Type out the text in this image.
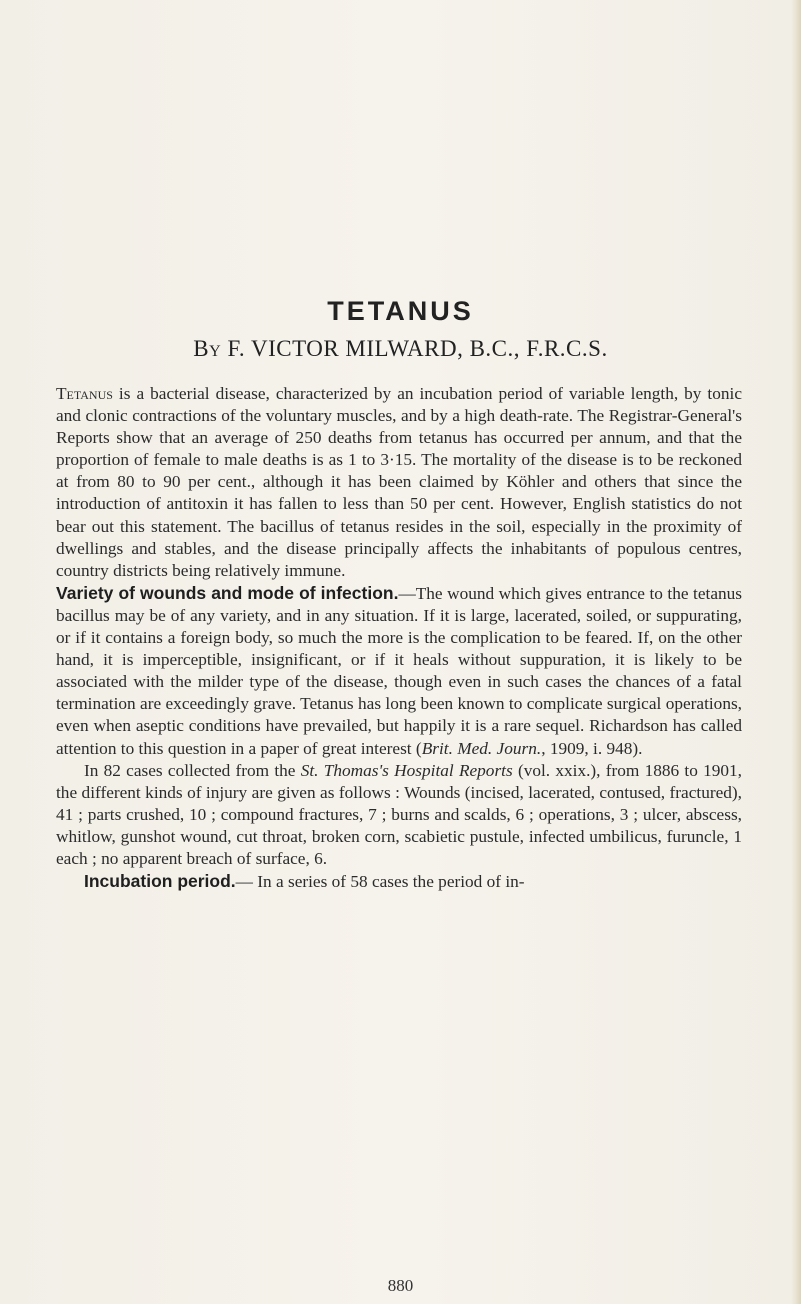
TETANUS
By F. VICTOR MILWARD, B.C., F.R.C.S.

Tetanus is a bacterial disease, characterized by an incubation period of variable length, by tonic and clonic contractions of the voluntary muscles, and by a high death-rate. The Registrar-General's Reports show that an average of 250 deaths from tetanus has occurred per annum, and that the proportion of female to male deaths is as 1 to 3·15. The mortality of the disease is to be reckoned at from 80 to 90 per cent., although it has been claimed by Köhler and others that since the introduction of antitoxin it has fallen to less than 50 per cent. However, English statistics do not bear out this statement. The bacillus of tetanus resides in the soil, especially in the proximity of dwellings and stables, and the disease principally affects the inhabitants of populous centres, country districts being relatively immune.

Variety of wounds and mode of infection.—The wound which gives entrance to the tetanus bacillus may be of any variety, and in any situation. If it is large, lacerated, soiled, or suppurating, or if it contains a foreign body, so much the more is the complication to be feared. If, on the other hand, it is imperceptible, insignificant, or if it heals without suppuration, it is likely to be associated with the milder type of the disease, though even in such cases the chances of a fatal termination are exceedingly grave. Tetanus has long been known to complicate surgical operations, even when aseptic conditions have prevailed, but happily it is a rare sequel. Richardson has called attention to this question in a paper of great interest (Brit. Med. Journ., 1909, i. 948).

In 82 cases collected from the St. Thomas's Hospital Reports (vol. xxix.), from 1886 to 1901, the different kinds of injury are given as follows : Wounds (incised, lacerated, contused, fractured), 41 ; parts crushed, 10 ; compound fractures, 7 ; burns and scalds, 6 ; operations, 3 ; ulcer, abscess, whitlow, gunshot wound, cut throat, broken corn, scabietic pustule, infected umbilicus, furuncle, 1 each ; no apparent breach of surface, 6.

Incubation period.— In a series of 58 cases the period of in-

880
